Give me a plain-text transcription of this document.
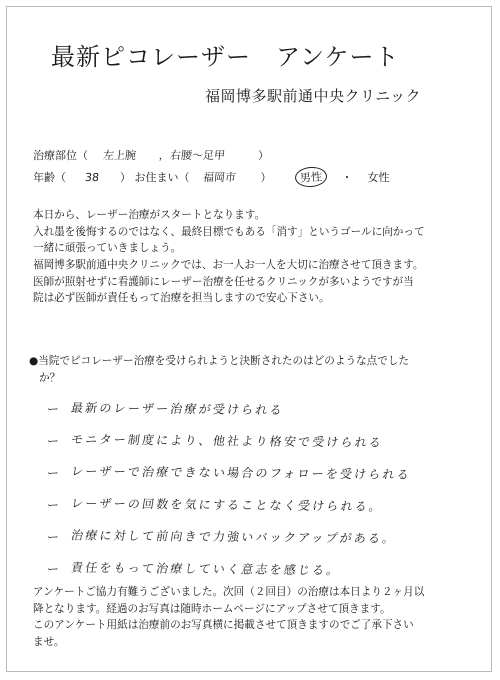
最新ピコレーザー　アンケート
福岡博多駅前通中央クリニック
治療部位（ 左上腕 ，右腰〜足甲	）
年齢（ 38 ） お住まい（ 福岡市 ）	男性 ・ 女性
本日から、レーザー治療がスタートとなります。
入れ墨を後悔するのではなく、最終目標でもある「消す」というゴールに向かって
一緒に頑張っていきましょう。
福岡博多駅前通中央クリニックでは、お一人お一人を大切に治療させて頂きます。
医師が照射せずに看護師にレーザー治療を任せるクリニックが多いようですが当
院は必ず医師が責任もって治療を担当しますので安心下さい。
●当院でピコレーザー治療を受けられようと決断されたのはどのような点でした
か？
ー 最新のレーザー治療が受けられる
ー モニター制度により、他社より格安で受けられる
ー レーザーで治療できない場合のフォローを受けられる
ー レーザーの回数を気にすることなく受けられる。
ー 治療に対して前向きで力強いバックアップがある。
ー 責任をもって治療していく意志を感じる。
アンケートご協力有難うございました。次回（２回目）の治療は本日より２ヶ月以
降となります。経過のお写真は随時ホームページにアップさせて頂きます。
このアンケート用紙は治療前のお写真横に掲載させて頂きますのでご了承下さい
ませ。
